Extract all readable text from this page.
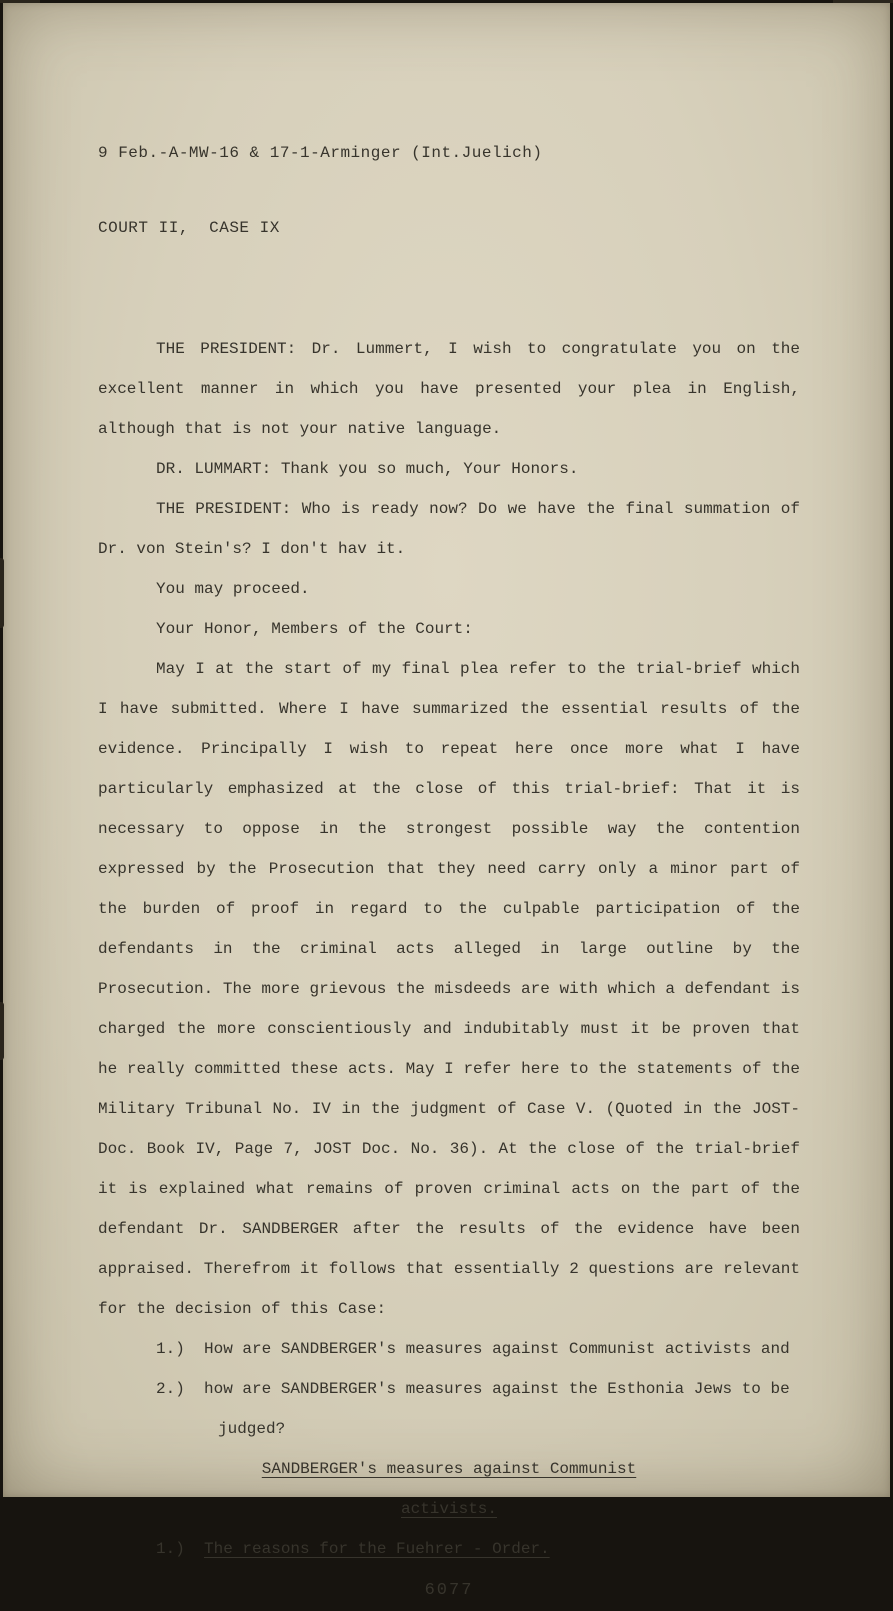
9 Feb.-A-MW-16 & 17-1-Arminger (Int.Juelich)

COURT II,  CASE IX

THE PRESIDENT: Dr. Lummert, I wish to congratulate you on the excellent manner in which you have presented your plea in English, although that is not your native language.

DR. LUMMART: Thank you so much, Your Honors.

THE PRESIDENT: Who is ready now? Do we have the final summation of Dr. von Stein's? I don't hav it.

You may proceed.

Your Honor, Members of the Court:

May I at the start of my final plea refer to the trial-brief which I have submitted. Where I have summarized the essential results of the evidence. Principally I wish to repeat here once more what I have particularly emphasized at the close of this trial-brief: That it is necessary to oppose in the strongest possible way the contention expressed by the Prosecution that they need carry only a minor part of the burden of proof in regard to the culpable participation of the defendants in the criminal acts alleged in large outline by the Prosecution. The more grievous the misdeeds are with which a defendant is charged the more conscientiously and indubitably must it be proven that he really committed these acts. May I refer here to the statements of the Military Tribunal No. IV in the judgment of Case V. (Quoted in the JOST-Doc. Book IV, Page 7, JOST Doc. No. 36). At the close of the trial-brief it is explained what remains of proven criminal acts on the part of the defendant Dr. SANDBERGER after the results of the evidence have been appraised. Therefrom it follows that essentially 2 questions are relevant for the decision of this Case:

1.) How are SANDBERGER's measures against Communist activists and

2.) how are SANDBERGER's measures against the Esthonia Jews to be

judged?

SANDBERGER's measures against Communist

activists.

1.) The reasons for the Fuehrer - Order.

6077
